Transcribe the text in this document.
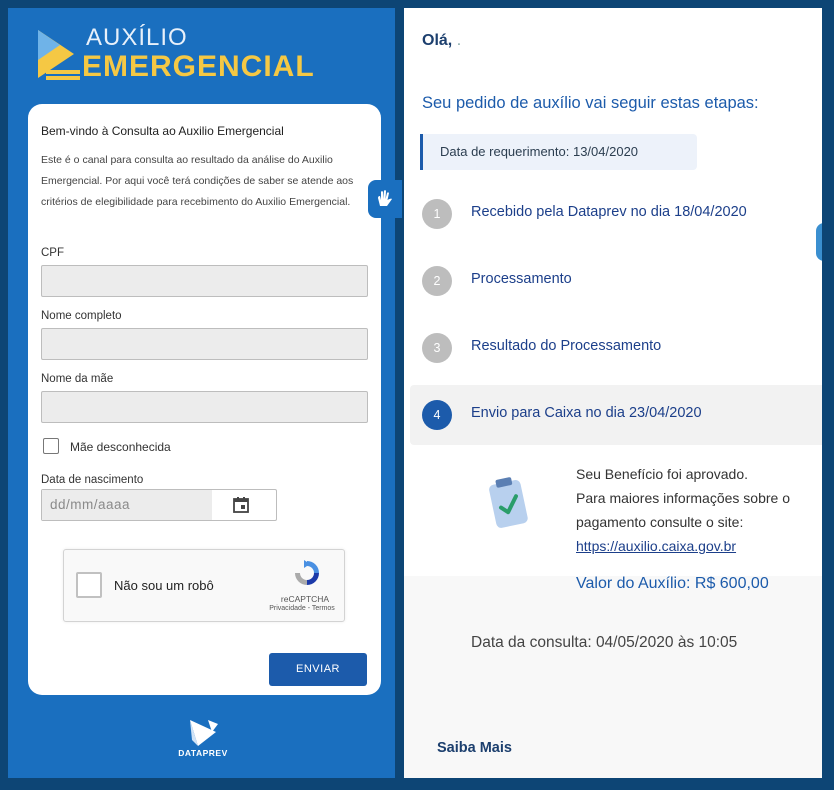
AUXÍLIO
EMERGENCIAL
Bem-vindo à Consulta ao Auxilio Emergencial
Este é o canal para consulta ao resultado da análise do Auxilio Emergencial. Por aqui você terá condições de saber se atende aos critérios de elegibilidade para recebimento do Auxilio Emergencial.
CPF
Nome completo
Nome da mãe
Mãe desconhecida
Data de nascimento
dd/mm/aaaa
Não sou um robô
reCAPTCHA
Privacidade - Termos
ENVIAR
DATAPREV
Olá, .
Seu pedido de auxílio vai seguir estas etapas:
Data de requerimento: 13/04/2020
1	Recebido pela Dataprev no dia 18/04/2020
2	Processamento
3	Resultado do Processamento
4	Envio para Caixa no dia 23/04/2020
Seu Benefício foi aprovado.
Para maiores informações sobre o pagamento consulte o site:
https://auxilio.caixa.gov.br
Valor do Auxílio: R$ 600,00
Data da consulta: 04/05/2020 às 10:05
Saiba Mais
